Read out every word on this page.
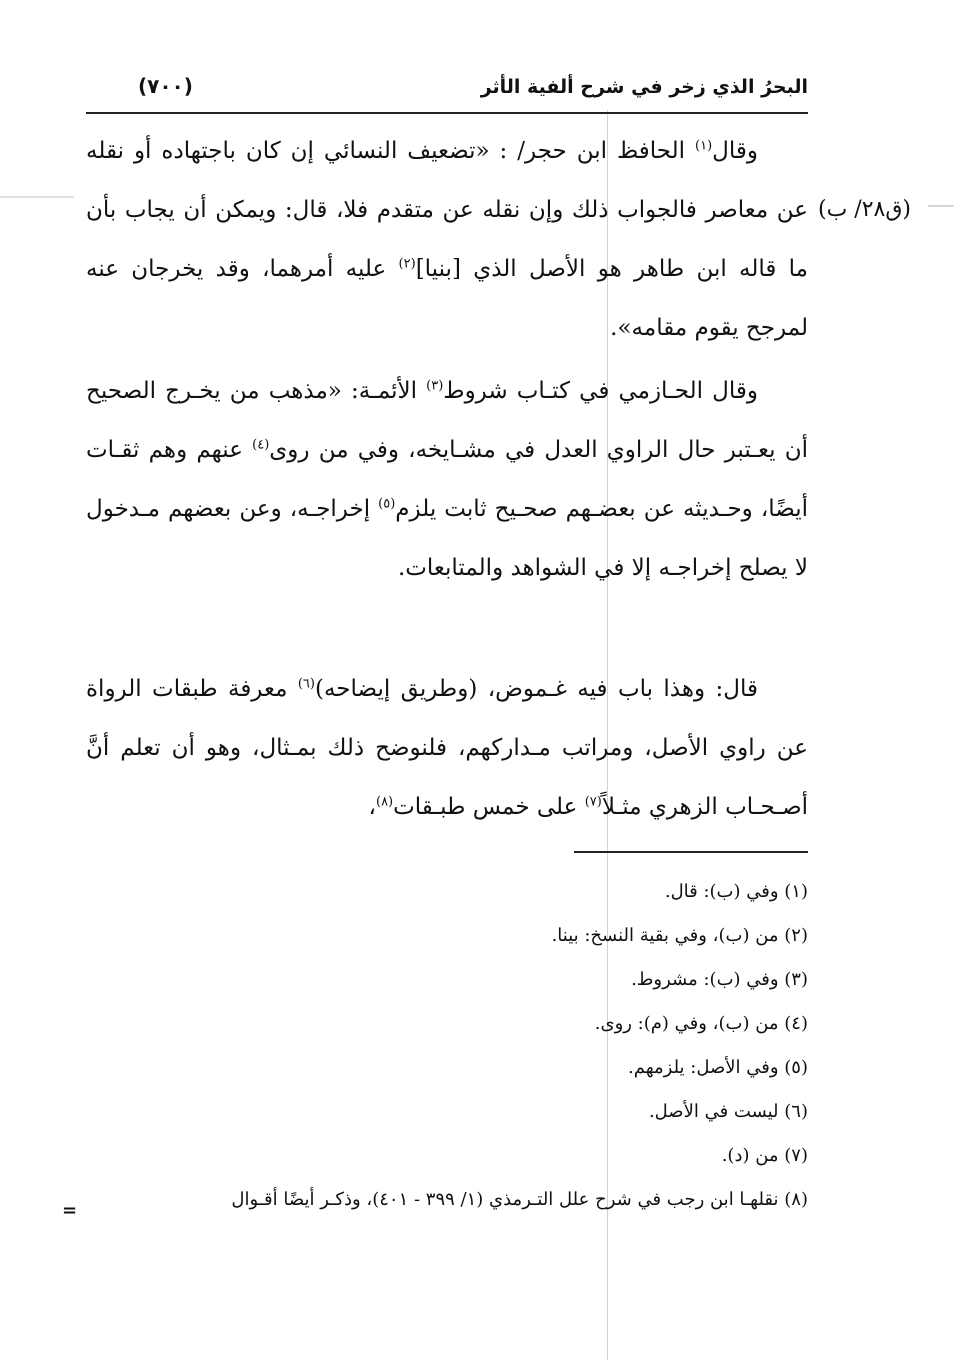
البحرُ الذي زخر في شرح ألفية الأثر
(٧٠٠)
(ق٢٨/ ب)
وقال$^{(١)}$ الحافظ ابن حجر/ : «تضعيف النسائي إن كان باجتهاده أو نقله عن معاصر فالجواب ذلك وإن نقله عن متقدم فلا، قال: ويمكن أن يجاب بأن ما قاله ابن طاهر هو الأصل الذي [بنيا]$^{(٢)}$ عليه أمرهما، وقد يخرجان عنه لمرجح يقوم مقامه».
وقال الحـازمي في كتـاب شروط$^{(٣)}$ الأئمـة: «مذهب من يخـرج الصحيح أن يعـتبر حال الراوي العدل في مشـايخه، وفي من روى$^{(٤)}$ عنهم وهم ثقـات أيضًا، وحـديثه عن بعضـهم صحـيح ثابت يلزم$^{(٥)}$ إخراجـه، وعن بعضهم مـدخول لا يصلح إخراجـه إلا في الشواهد والمتابعات.
قال: وهذا باب فيه غـموض، (وطريق إيضاحه)$^{(٦)}$ معرفة طبقات الرواة عن راوي الأصل، ومراتب مـداركهم، فلنوضح ذلك بمـثال، وهو أن تعلم أنَّ أصـحـاب الزهري مثـلاً$^{(٧)}$ على خمس طبـقات$^{(٨)}$،
(١) وفي (ب): قال.
(٢) من (ب)، وفي بقية النسخ: بينا.
(٣) وفي (ب): مشروط.
(٤) من (ب)، وفي (م): روى.
(٥) وفي الأصل: يلزمهم.
(٦) ليست في الأصل.
(٧) من (د).
(٨) نقلهـا ابن رجب في شرح علل التـرمذي (١/ ٣٩٩ - ٤٠١)، وذكـر أيضًا أقـوال
=
